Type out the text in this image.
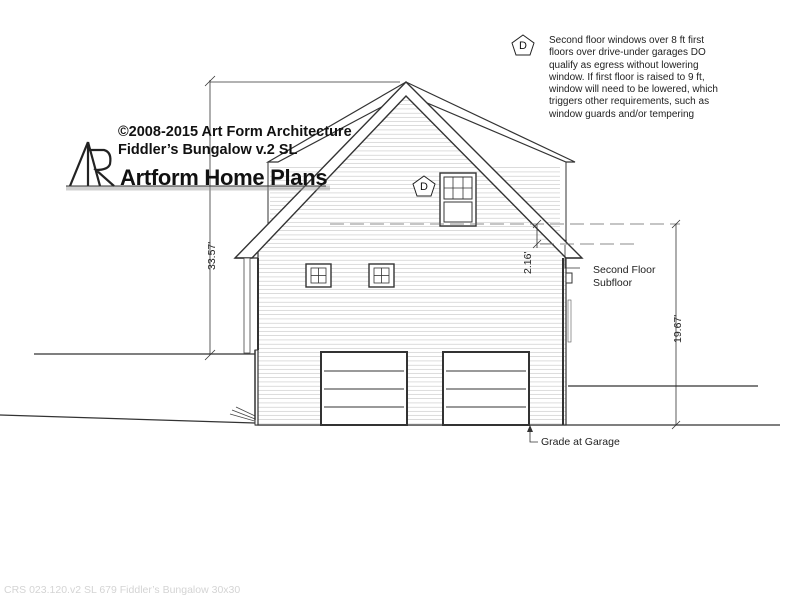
©2008-2015 Art Form Architecture
Fiddler’s Bungalow v.2 SL
Artform Home Plans
D	Second floor windows over 8 ft first floors over drive-under garages DO qualify as egress without lowering window. If first floor is raised to 9 ft, window will need to be lowered, which triggers other requirements, such as window guards and/or tempering
D
33.57'	2.16'
19.67'
Second Floor
Subfloor
Grade at Garage
CRS 023.120.v2 SL 679 Fiddler’s Bungalow 30x30
